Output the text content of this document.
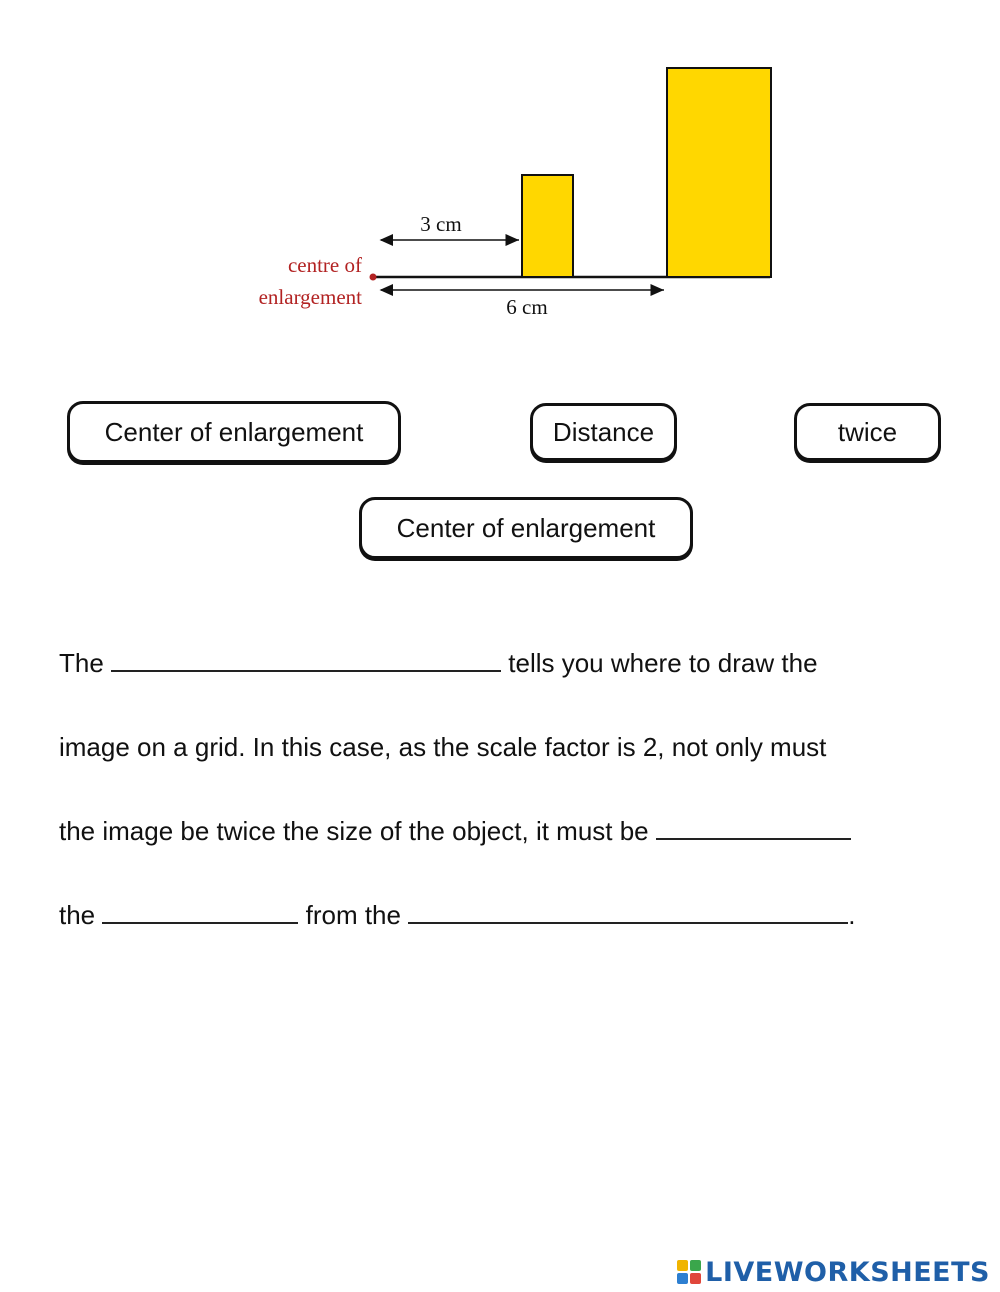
3 cm
6 cm
centre of
enlargement
Center of enlargement	Distance	twice
Center of enlargement

The	tells you where to draw the

image on a grid. In this case, as the scale factor is 2, not only must

the image be twice the size of the object, it must be

the	from the	.

LIVEWORKSHEETS
